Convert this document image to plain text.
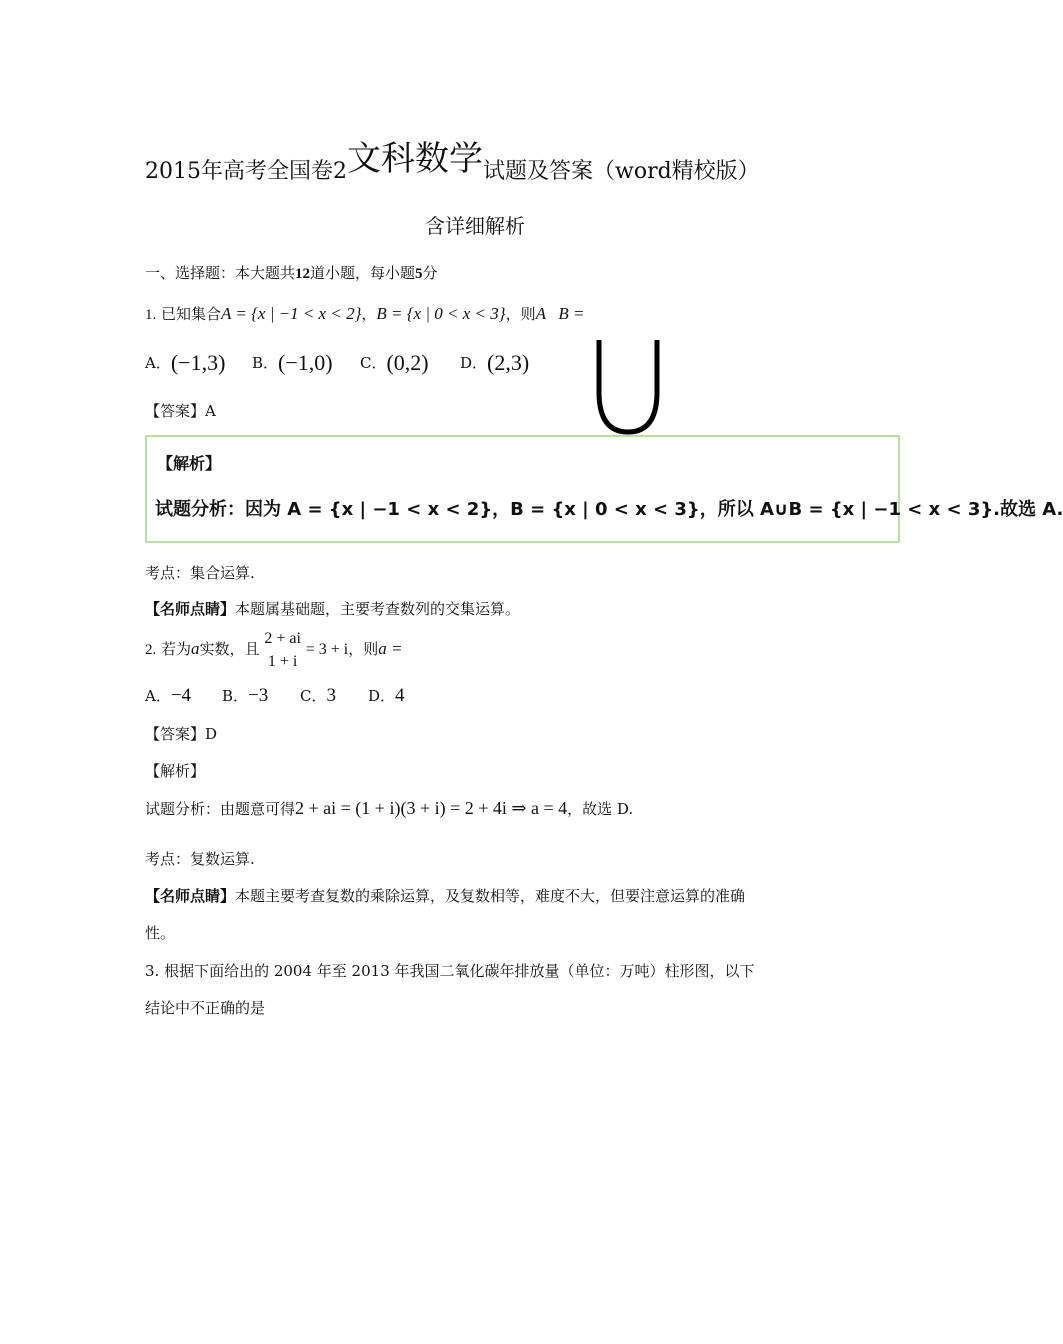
2015年高考全国卷2文科数学试题及答案（word精校版）
含详细解析
一、选择题：本大题共12道小题，每小题5分
1. 已知集合A = {x | −1 < x < 2}，B = {x | 0 < x < 3}，则A   B =
A．(−1,3) B．(−1,0) C．(0,2) D．(2,3)
【答案】A
【解析】
试题分析：因为 A = {x | −1 < x < 2}，B = {x | 0 < x < 3}，所以 A∪B = {x | −1 < x < 3}.故选 A.
考点：集合运算.
【名师点睛】本题属基础题，主要考查数列的交集运算。
2. 若为a实数，且
2 + ai
1 + i
= 3 + i，则a =
A．−4 B．−3 C．3 D．4
【答案】D
【解析】
试题分析：由题意可得2 + ai = (1 + i)(3 + i) = 2 + 4i ⇒ a = 4，故选 D.
考点：复数运算.
【名师点睛】本题主要考查复数的乘除运算，及复数相等，难度不大，但要注意运算的准确
性。
3. 根据下面给出的 2004 年至 2013 年我国二氧化碳年排放量（单位：万吨）柱形图，以下
结论中不正确的是
